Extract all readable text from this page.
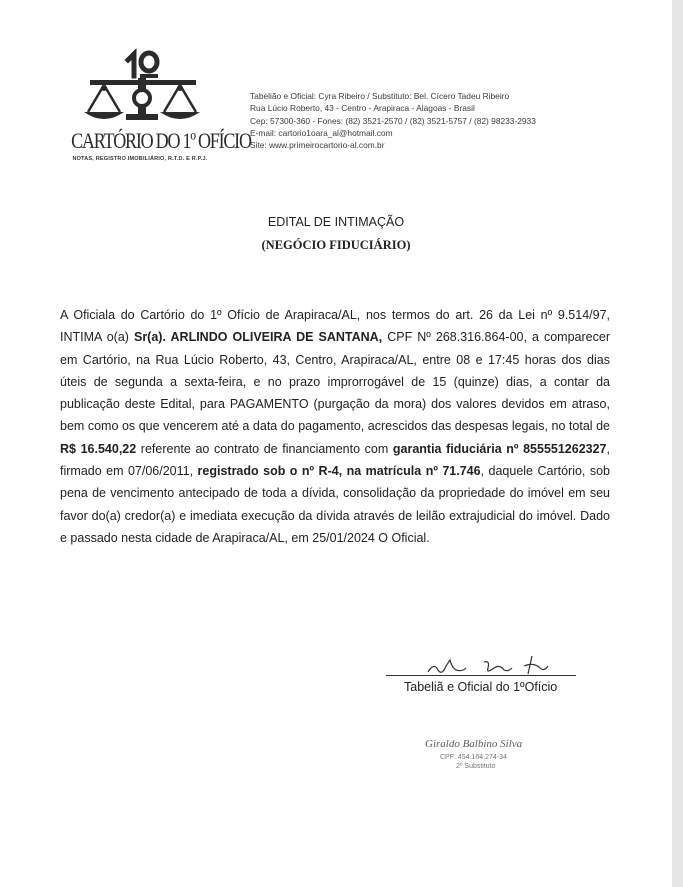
CARTÓRIO DO 1º OFÍCIO
NOTAS, REGISTRO IMOBILIÁRIO, R.T.D. E R.P.J.
Tabelião e Oficial: Cyra Ribeiro / Substituto: Bel. Cícero Tadeu Ribeiro
Rua Lúcio Roberto, 43 - Centro - Arapiraca - Alagoas - Brasil
Cep: 57300-360 - Fones: (82) 3521-2570 / (82) 3521-5757 / (82) 98233-2933
E-mail: cartorio1oara_al@hotmail.com
Site: www.primeirocartorio-al.com.br
EDITAL DE INTIMAÇÃO
(NEGÓCIO FIDUCIÁRIO)
A Oficiala do Cartório do 1º Ofício de Arapiraca/AL, nos termos do art. 26 da Lei nº 9.514/97, INTIMA o(a) Sr(a). ARLINDO OLIVEIRA DE SANTANA, CPF Nº 268.316.864-00, a comparecer em Cartório, na Rua Lúcio Roberto, 43, Centro, Arapiraca/AL, entre 08 e 17:45 horas dos dias úteis de segunda a sexta-feira, e no prazo improrrogável de 15 (quinze) dias, a contar da publicação deste Edital, para PAGAMENTO (purgação da mora) dos valores devidos em atraso, bem como os que vencerem até a data do pagamento, acrescidos das despesas legais, no total de R$ 16.540,22 referente ao contrato de financiamento com garantia fiduciária nº 855551262327, firmado em 07/06/2011, registrado sob o nº R-4, na matrícula nº 71.746, daquele Cartório, sob pena de vencimento antecipado de toda a dívida, consolidação da propriedade do imóvel em seu favor do(a) credor(a) e imediata execução da dívida através de leilão extrajudicial do imóvel. Dado e passado nesta cidade de Arapiraca/AL, em 25/01/2024 O Oficial.
Tabeliã e Oficial do 1ºOfício
Giraldo Balbino Silva
CPF: 454.164.274-34
2º Substituto
